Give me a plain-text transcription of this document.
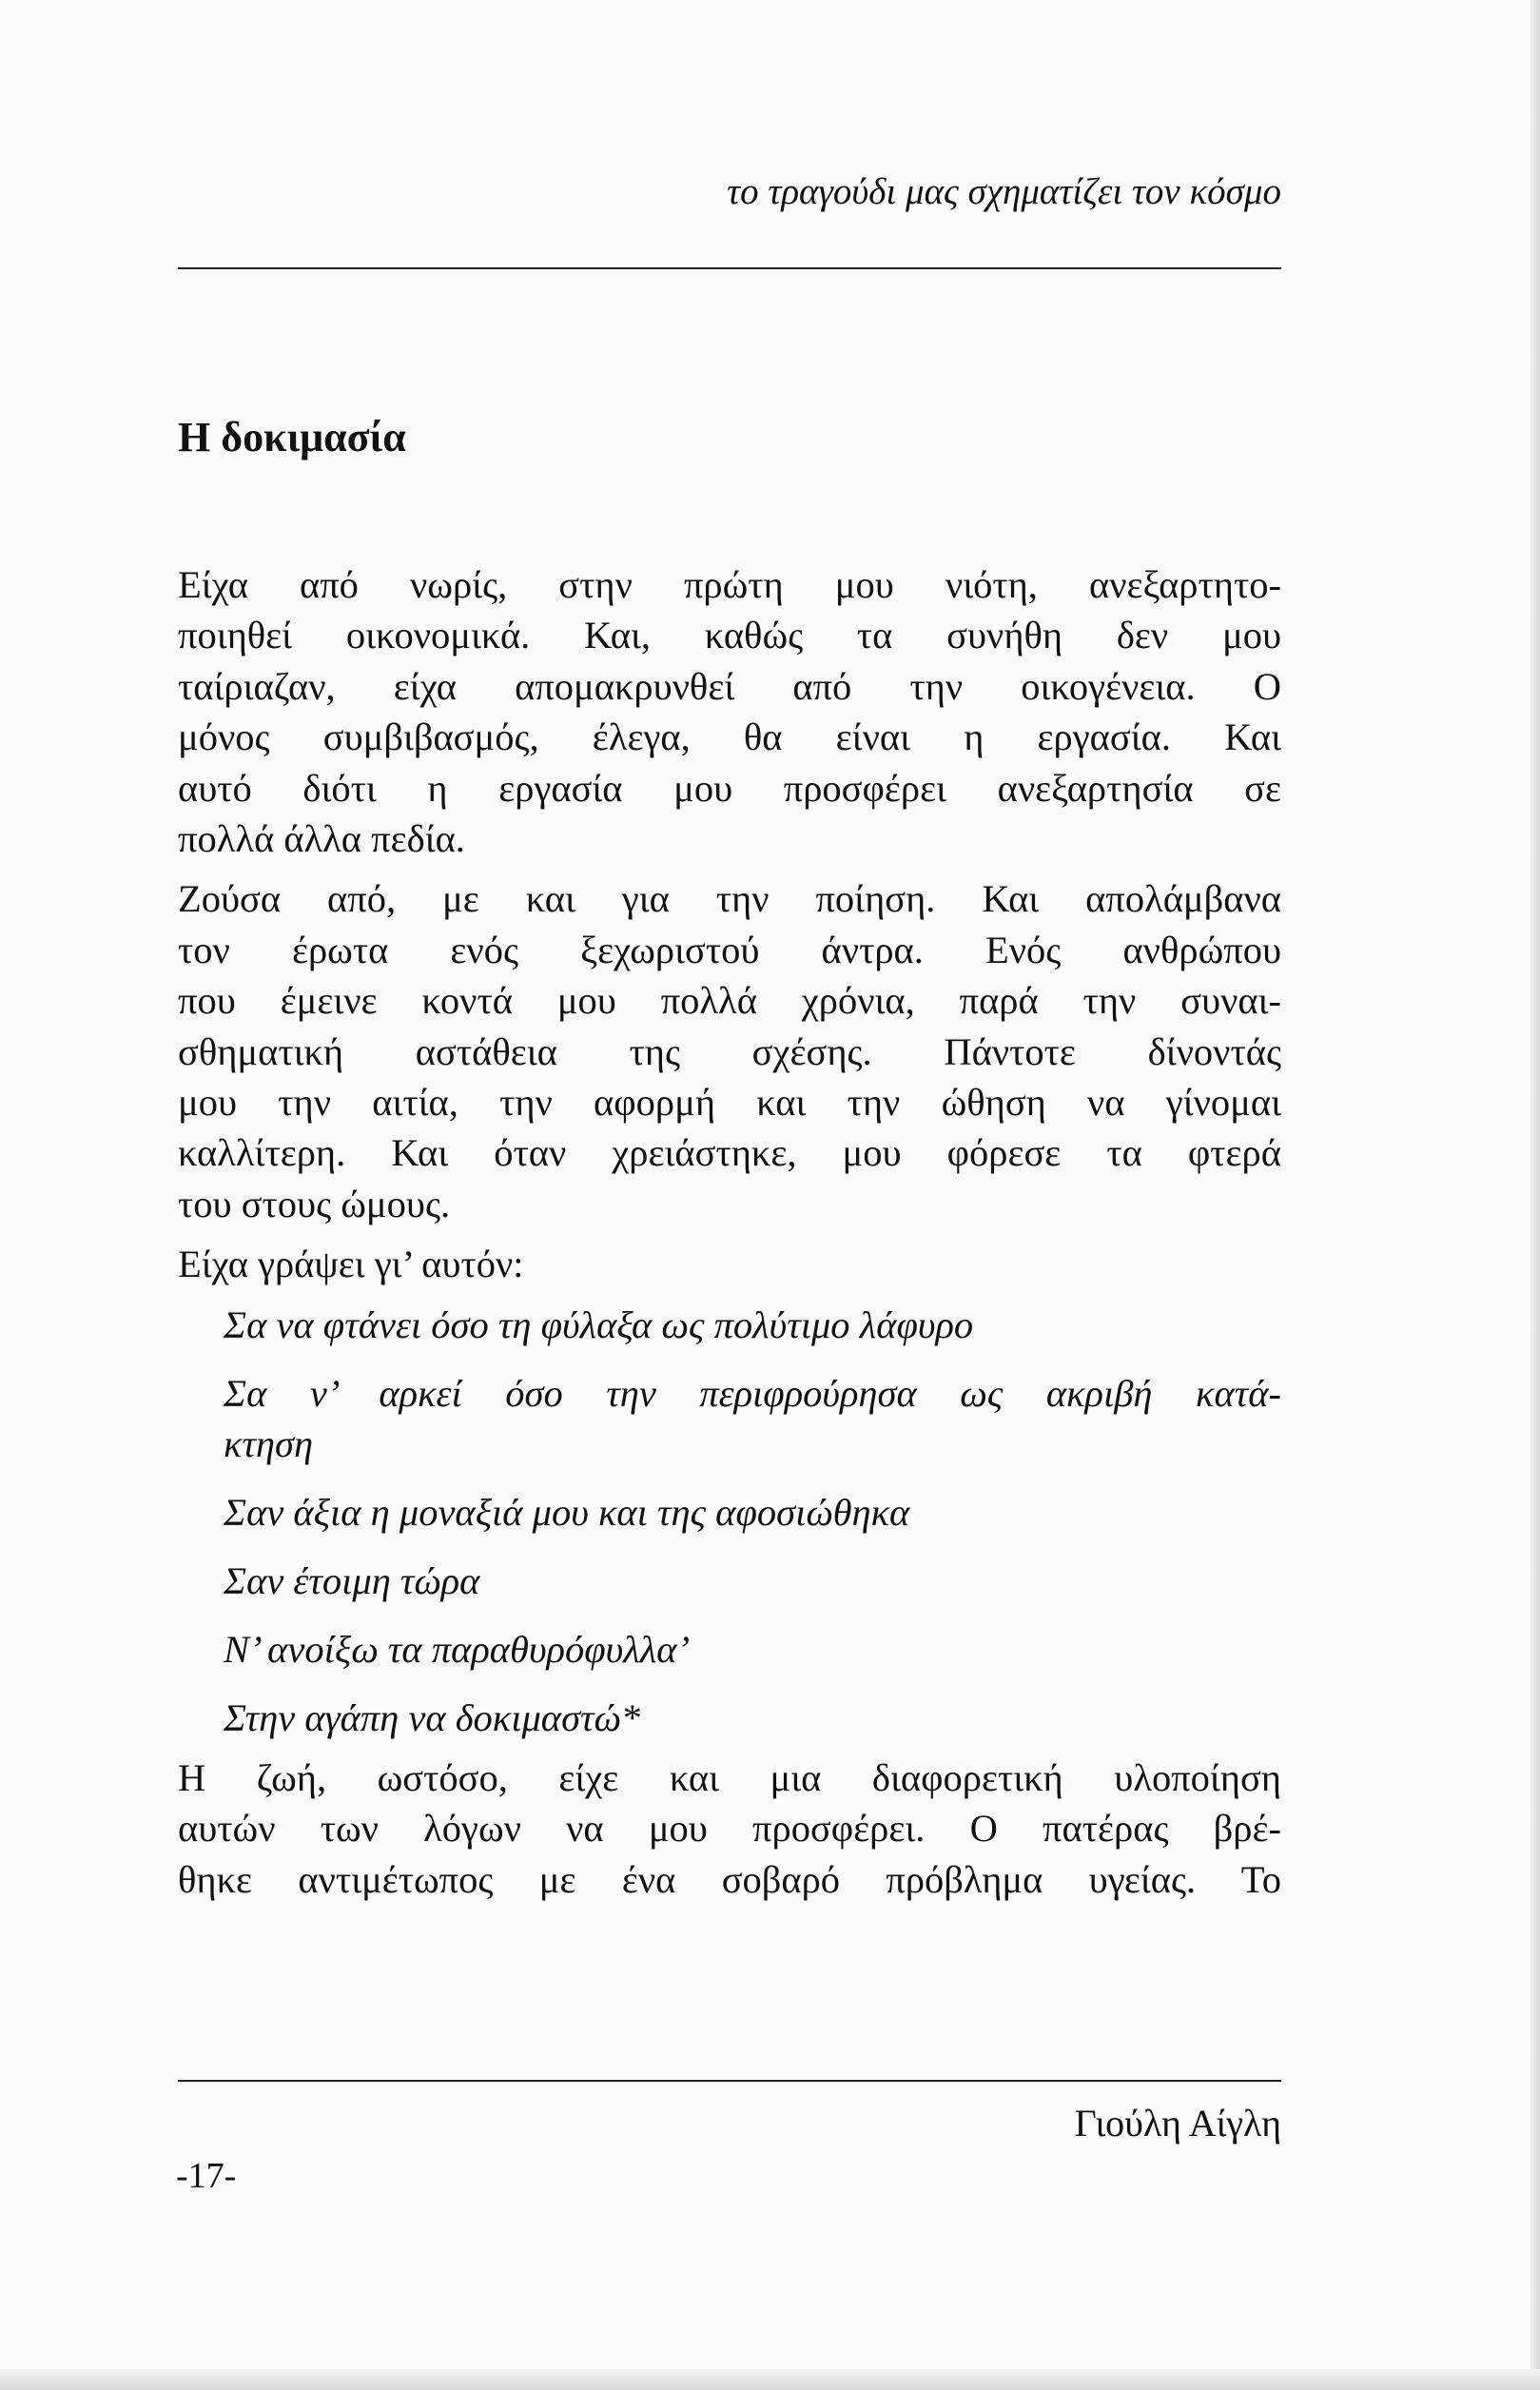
το τραγούδι μας σχηματίζει τον κόσμο
Η δοκιμασία

Είχα από νωρίς, στην πρώτη μου νιότη, ανεξαρτητο-
ποιηθεί οικονομικά. Και, καθώς τα συνήθη δεν μου
ταίριαζαν, είχα απομακρυνθεί από την οικογένεια. Ο
μόνος συμβιβασμός, έλεγα, θα είναι η εργασία. Και
αυτό διότι η εργασία μου προσφέρει ανεξαρτησία σε
πολλά άλλα πεδία.

Ζούσα από, με και για την ποίηση. Και απολάμβανα
τον έρωτα ενός ξεχωριστού άντρα. Ενός ανθρώπου
που έμεινε κοντά μου πολλά χρόνια, παρά την συναι-
σθηματική αστάθεια της σχέσης. Πάντοτε δίνοντάς
μου την αιτία, την αφορμή και την ώθηση να γίνομαι
καλλίτερη. Και όταν χρειάστηκε, μου φόρεσε τα φτερά
του στους ώμους.

Είχα γράψει γι’ αυτόν:

Σα να φτάνει όσο τη φύλαξα ως πολύτιμο λάφυρο
Σα ν’ αρκεί όσο την περιφρούρησα ως ακριβή κατά-
κτηση
Σαν άξια η μοναξιά μου και της αφοσιώθηκα
Σαν έτοιμη τώρα
Ν’ ανοίξω τα παραθυρόφυλλα’
Στην αγάπη να δοκιμαστώ*

Η ζωή, ωστόσο, είχε και μια διαφορετική υλοποίηση
αυτών των λόγων να μου προσφέρει. Ο πατέρας βρέ-
θηκε αντιμέτωπος με ένα σοβαρό πρόβλημα υγείας. Το

Γιούλη Αίγλη
-17-
